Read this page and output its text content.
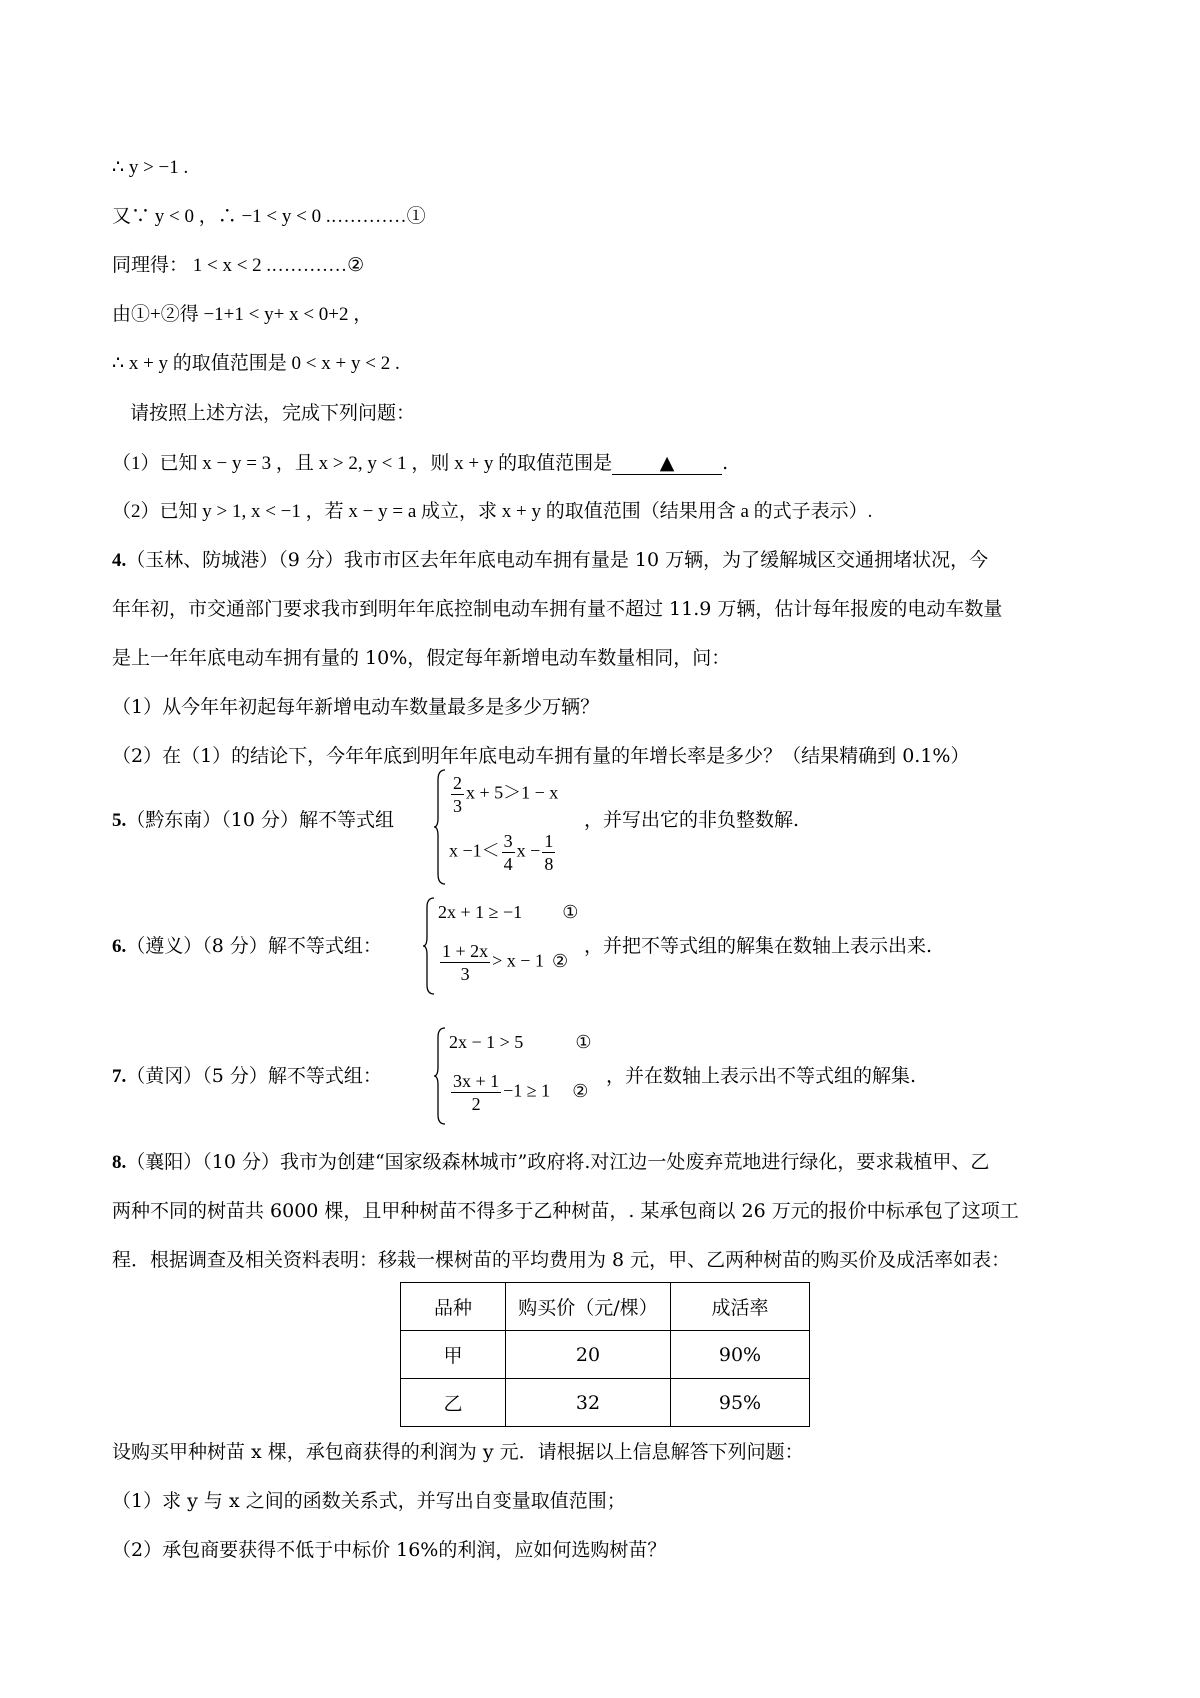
∴ y > −1 .
又∵ y < 0 ，∴ −1 < y < 0 .…………①
同理得： 1 < x < 2 .…………②
由①+②得 −1+1 < y+ x < 0+2 ，
∴ x + y 的取值范围是 0 < x + y < 2 .
请按照上述方法，完成下列问题：
（1）已知 x − y = 3 ，且 x > 2, y < 1 ，则 x + y 的取值范围是	▲	.
（2）已知 y > 1, x < −1 ，若 x − y = a 成立，求 x + y 的取值范围（结果用含 a 的式子表示）.
4.（玉林、防城港）（9 分）我市市区去年年底电动车拥有量是 10 万辆，为了缓解城区交通拥堵状况，今
年年初，市交通部门要求我市到明年年底控制电动车拥有量不超过 11.9 万辆，估计每年报废的电动车数量
是上一年年底电动车拥有量的 10%，假定每年新增电动车数量相同，问：
（1）从今年年初起每年新增电动车数量最多是多少万辆？
（2）在（1）的结论下，今年年底到明年年底电动车拥有量的年增长率是多少？（结果精确到 0.1%）
5.（黔东南）（10 分）解不等式组
$\frac{2}{3}$ x + 5＞1 − x
$x -1< \frac{3}{4}$ $x - \frac{1}{8}$
，并写出它的非负整数解.
6.（遵义）（8 分）解不等式组：
2x + 1 ≥ −1 ①
$\frac{1 + 2x}{3} > x - 1$ ②
，并把不等式组的解集在数轴上表示出来.
7.（黄冈）（5 分）解不等式组：
2x − 1 > 5	①
$\frac{3x + 1}{2} -1 \ge 1$ ②
，并在数轴上表示出不等式组的解集.
8.（襄阳）（10 分）我市为创建“国家级森林城市”政府将.对江边一处废弃荒地进行绿化，要求栽植甲、乙
两种不同的树苗共 6000 棵，且甲种树苗不得多于乙种树苗，. 某承包商以 26 万元的报价中标承包了这项工
程．根据调查及相关资料表明：移栽一棵树苗的平均费用为 8 元，甲、乙两种树苗的购买价及成活率如表：
品种	购买价（元/棵）	成活率
甲	20	90%
乙	32	95%
设购买甲种树苗 x 棵，承包商获得的利润为 y 元．请根据以上信息解答下列问题：
（1）求 y 与 x 之间的函数关系式，并写出自变量取值范围；
（2）承包商要获得不低于中标价 16%的利润，应如何选购树苗？
